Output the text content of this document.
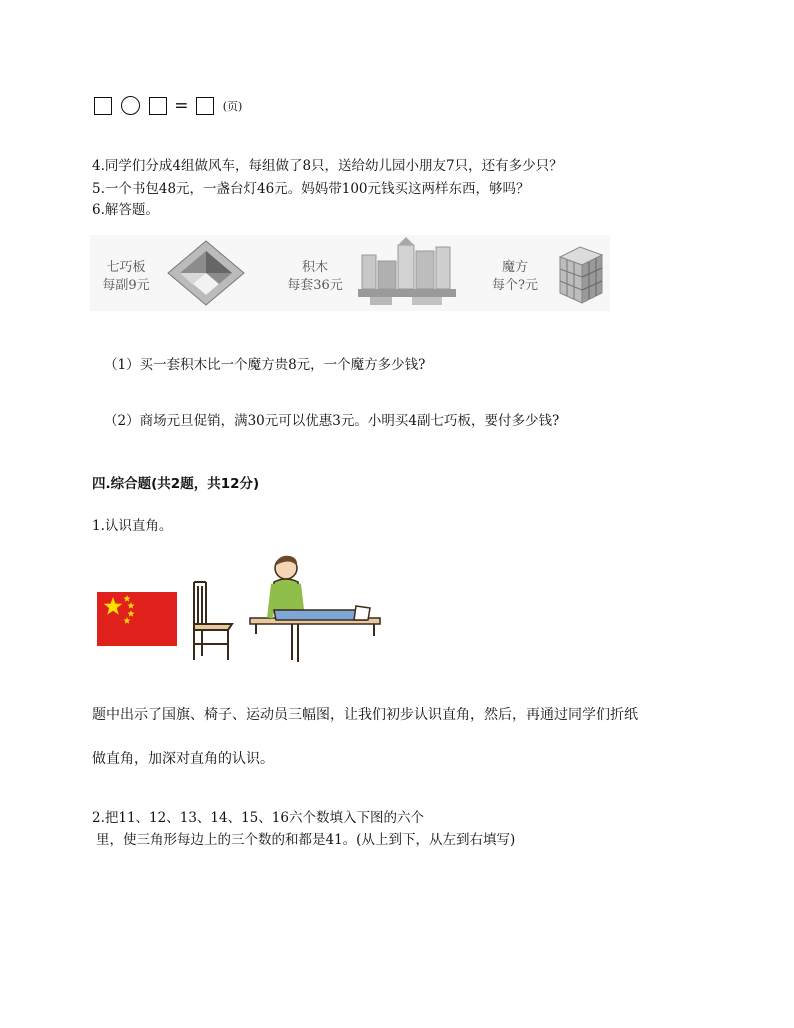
=	(页)
4.同学们分成4组做风车，每组做了8只，送给幼儿园小朋友7只，还有多少只？
5.一个书包48元，一盏台灯46元。妈妈带100元钱买这两样东西，够吗？
6.解答题。
七巧板
每副9元
积木
每套36元
魔方
每个?元
（1）买一套积木比一个魔方贵8元，一个魔方多少钱?
（2）商场元旦促销，满30元可以优惠3元。小明买4副七巧板，要付多少钱?
四.综合题(共2题，共12分)
1.认识直角。
题中出示了国旗、椅子、运动员三幅图，让我们初步认识直角，然后，再通过同学们折纸
做直角，加深对直角的认识。
2.把11、12、13、14、15、16六个数填入下图的六个
里，使三角形每边上的三个数的和都是41。(从上到下，从左到右填写)
